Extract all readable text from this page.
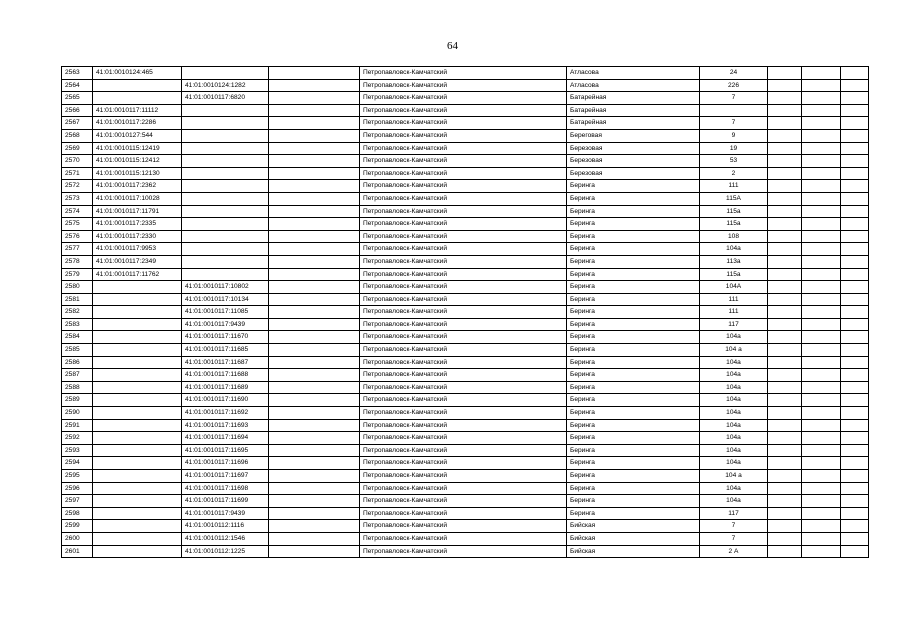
64
2563	41:01:0010124:465			Петропавловск-Камчатский	Атласова	24			
2564		41:01:0010124:1282		Петропавловск-Камчатский	Атласова	226			
2565		41:01:0010117:6820		Петропавловск-Камчатский	Батарейная	7			
2566	41:01:0010117:11112			Петропавловск-Камчатский	Батарейная				
2567	41:01:0010117:2286			Петропавловск-Камчатский	Батарейная	7			
2568	41:01:0010127:544			Петропавловск-Камчатский	Береговая	9			
2569	41:01:0010115:12419			Петропавловск-Камчатский	Березовая	19			
2570	41:01:0010115:12412			Петропавловск-Камчатский	Березовая	53			
2571	41:01:0010115:12130			Петропавловск-Камчатский	Березовая	2			
2572	41:01:0010117:2362			Петропавловск-Камчатский	Беринга	111			
2573	41:01:0010117:10028			Петропавловск-Камчатский	Беринга	115А			
2574	41:01:0010117:11791			Петропавловск-Камчатский	Беринга	115а			
2575	41:01:0010117:2335			Петропавловск-Камчатский	Беринга	115а			
2576	41:01:0010117:2330			Петропавловск-Камчатский	Беринга	108			
2577	41:01:0010117:9953			Петропавловск-Камчатский	Беринга	104а			
2578	41:01:0010117:2349			Петропавловск-Камчатский	Беринга	113а			
2579	41:01:0010117:11762			Петропавловск-Камчатский	Беринга	115а			
2580		41:01:0010117:10802		Петропавловск-Камчатский	Беринга	104А			
2581		41:01:0010117:10134		Петропавловск-Камчатский	Беринга	111			
2582		41:01:0010117:11085		Петропавловск-Камчатский	Беринга	111			
2583		41:01:0010117:9439		Петропавловск-Камчатский	Беринга	117			
2584		41:01:0010117:11670		Петропавловск-Камчатский	Беринга	104а			
2585		41:01:0010117:11685		Петропавловск-Камчатский	Беринга	104 а			
2586		41:01:0010117:11687		Петропавловск-Камчатский	Беринга	104а			
2587		41:01:0010117:11688		Петропавловск-Камчатский	Беринга	104а			
2588		41:01:0010117:11689		Петропавловск-Камчатский	Беринга	104а			
2589		41:01:0010117:11690		Петропавловск-Камчатский	Беринга	104а			
2590		41:01:0010117:11692		Петропавловск-Камчатский	Беринга	104а			
2591		41:01:0010117:11693		Петропавловск-Камчатский	Беринга	104а			
2592		41:01:0010117:11694		Петропавловск-Камчатский	Беринга	104а			
2593		41:01:0010117:11695		Петропавловск-Камчатский	Беринга	104а			
2594		41:01:0010117:11696		Петропавловск-Камчатский	Беринга	104а			
2595		41:01:0010117:11697		Петропавловск-Камчатский	Беринга	104 а			
2596		41:01:0010117:11698		Петропавловск-Камчатский	Беринга	104а			
2597		41:01:0010117:11699		Петропавловск-Камчатский	Беринга	104а			
2598		41:01:0010117:9439		Петропавловск-Камчатский	Беринга	117			
2599		41:01:0010112:1116		Петропавловск-Камчатский	Бийская	7			
2600		41:01:0010112:1546		Петропавловск-Камчатский	Бийская	7			
2601		41:01:0010112:1225		Петропавловск-Камчатский	Бийская	2 А			
